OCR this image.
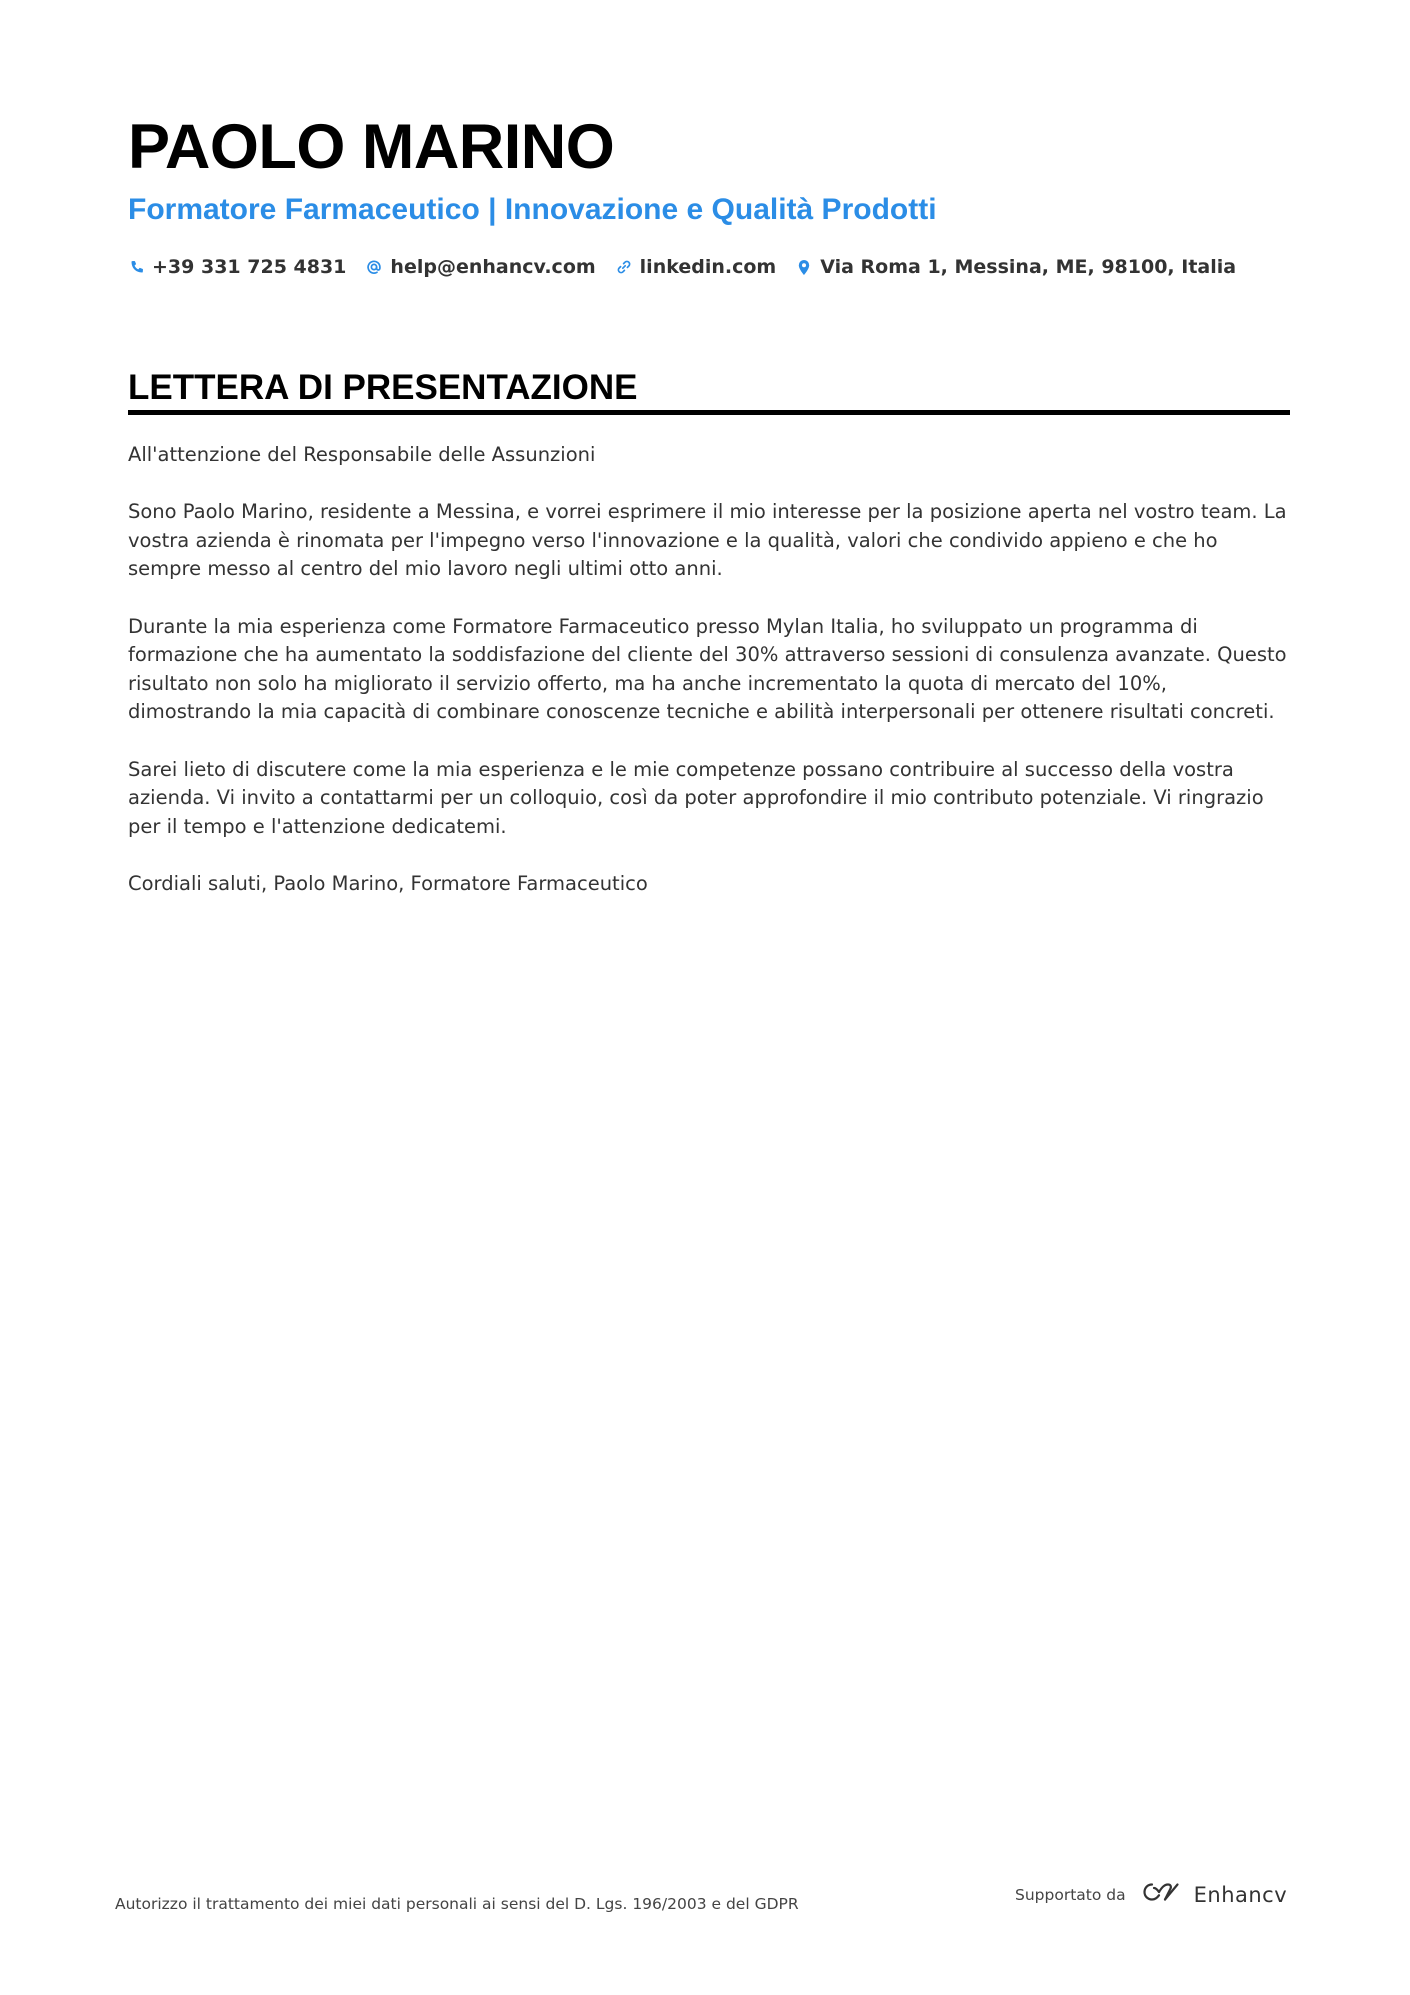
PAOLO MARINO
Formatore Farmaceutico | Innovazione e Qualità Prodotti
+39 331 725 4831 help@enhancv.com linkedin.com Via Roma 1, Messina, ME, 98100, Italia
LETTERA DI PRESENTAZIONE

All'attenzione del Responsabile delle Assunzioni

Sono Paolo Marino, residente a Messina, e vorrei esprimere il mio interesse per la posizione aperta nel vostro team. La vostra azienda è rinomata per l'impegno verso l'innovazione e la qualità, valori che condivido appieno e che ho sempre messo al centro del mio lavoro negli ultimi otto anni.

Durante la mia esperienza come Formatore Farmaceutico presso Mylan Italia, ho sviluppato un programma di formazione che ha aumentato la soddisfazione del cliente del 30% attraverso sessioni di consulenza avanzate. Questo risultato non solo ha migliorato il servizio offerto, ma ha anche incrementato la quota di mercato del 10%, dimostrando la mia capacità di combinare conoscenze tecniche e abilità interpersonali per ottenere risultati concreti.

Sarei lieto di discutere come la mia esperienza e le mie competenze possano contribuire al successo della vostra azienda. Vi invito a contattarmi per un colloquio, così da poter approfondire il mio contributo potenziale. Vi ringrazio per il tempo e l'attenzione dedicatemi.

Cordiali saluti, Paolo Marino, Formatore Farmaceutico

Autorizzo il trattamento dei miei dati personali ai sensi del D. Lgs. 196/2003 e del GDPR
Supportato da	Enhancv
